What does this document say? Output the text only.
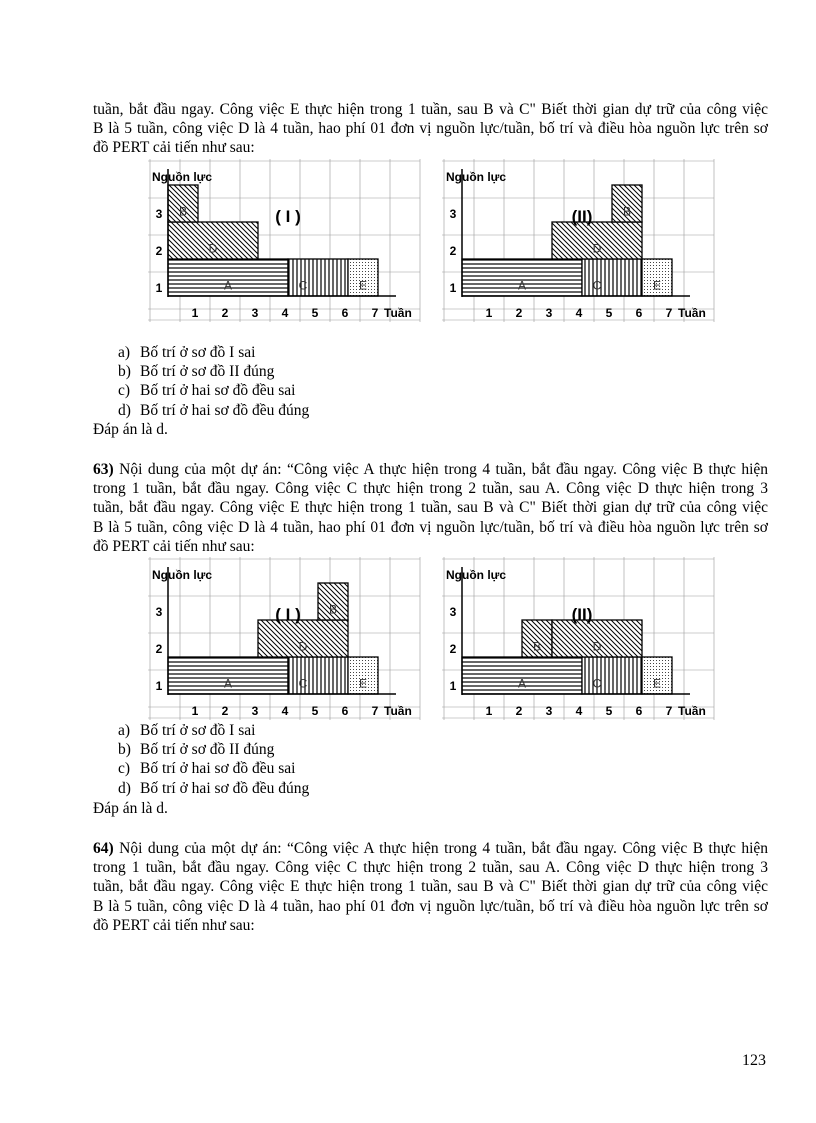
tuần, bắt đầu ngay. Công việc E thực hiện trong 1 tuần, sau B và C" Biết thời gian dự trữ của công việc
B là 5 tuần, công việc D là 4 tuần, hao phí 01 đơn vị nguồn lực/tuần, bố trí và điều hòa nguồn lực trên sơ
đồ PERT cải tiến như sau:
A	C	E
D
B
Nguồn lực
( I )
1
2
3
1 2 3 4 5 6 7 Tuần
A	C	E
D
B
Nguồn lực
(II)
1
2
3
1 2 3 4 5 6 7 Tuần
a) Bố trí ở sơ đồ I sai
b) Bố trí ở sơ đồ II đúng
c) Bố trí ở hai sơ đồ đều sai
d) Bố trí ở hai sơ đồ đều đúng
Đáp án là d.
63) Nội dung của một dự án: “Công việc A thực hiện trong 4 tuần, bắt đầu ngay. Công việc B thực hiện
trong 1 tuần, bắt đầu ngay. Công việc C thực hiện trong 2 tuần, sau A. Công việc D thực hiện trong 3
tuần, bắt đầu ngay. Công việc E thực hiện trong 1 tuần, sau B và C" Biết thời gian dự trữ của công việc
B là 5 tuần, công việc D là 4 tuần, hao phí 01 đơn vị nguồn lực/tuần, bố trí và điều hòa nguồn lực trên sơ
đồ PERT cải tiến như sau:
A	C	E
D
B
Nguồn lực
( I )
1
2
3
1 2 3 4 5 6 7 Tuần
A	C	E
B	D
Nguồn lực
(II)
1
2
3
1 2 3 4 5 6 7 Tuần
a) Bố trí ở sơ đồ I sai
b) Bố trí ở sơ đồ II đúng
c) Bố trí ở hai sơ đồ đều sai
d) Bố trí ở hai sơ đồ đều đúng
Đáp án là d.
64) Nội dung của một dự án: “Công việc A thực hiện trong 4 tuần, bắt đầu ngay. Công việc B thực hiện
trong 1 tuần, bắt đầu ngay. Công việc C thực hiện trong 2 tuần, sau A. Công việc D thực hiện trong 3
tuần, bắt đầu ngay. Công việc E thực hiện trong 1 tuần, sau B và C" Biết thời gian dự trữ của công việc
B là 5 tuần, công việc D là 4 tuần, hao phí 01 đơn vị nguồn lực/tuần, bố trí và điều hòa nguồn lực trên sơ
đồ PERT cải tiến như sau:
123
